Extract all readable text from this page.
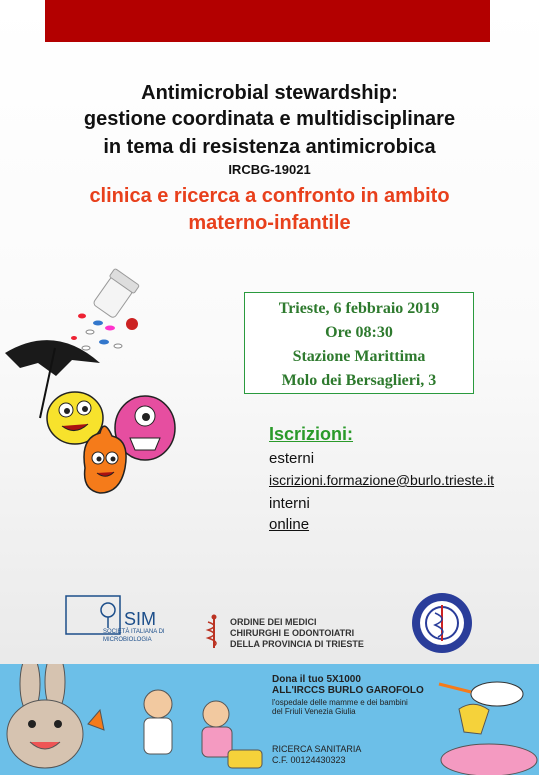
Antimicrobial stewardship:
gestione coordinata e multidisciplinare
in tema di resistenza antimicrobica
IRCBG-19021
clinica e ricerca a confronto in ambito
materno-infantile
Trieste, 6 febbraio 2019
Ore 08:30
Stazione Marittima
Molo dei Bersaglieri, 3
Iscrizioni:
esterni
iscrizioni.formazione@burlo.trieste.it
interni
online
SIM
SOCIETÀ ITALIANA DI MICROBIOLOGIA
ORDINE DEI MEDICI
CHIRURGHI E ODONTOIATRI
DELLA PROVINCIA DI TRIESTE
Dona il tuo 5X1000
ALL'IRCCS BURLO GAROFOLO
l'ospedale delle mamme e dei bambini del Friuli Venezia Giulia
RICERCA SANITARIA
C.F. 00124430323
